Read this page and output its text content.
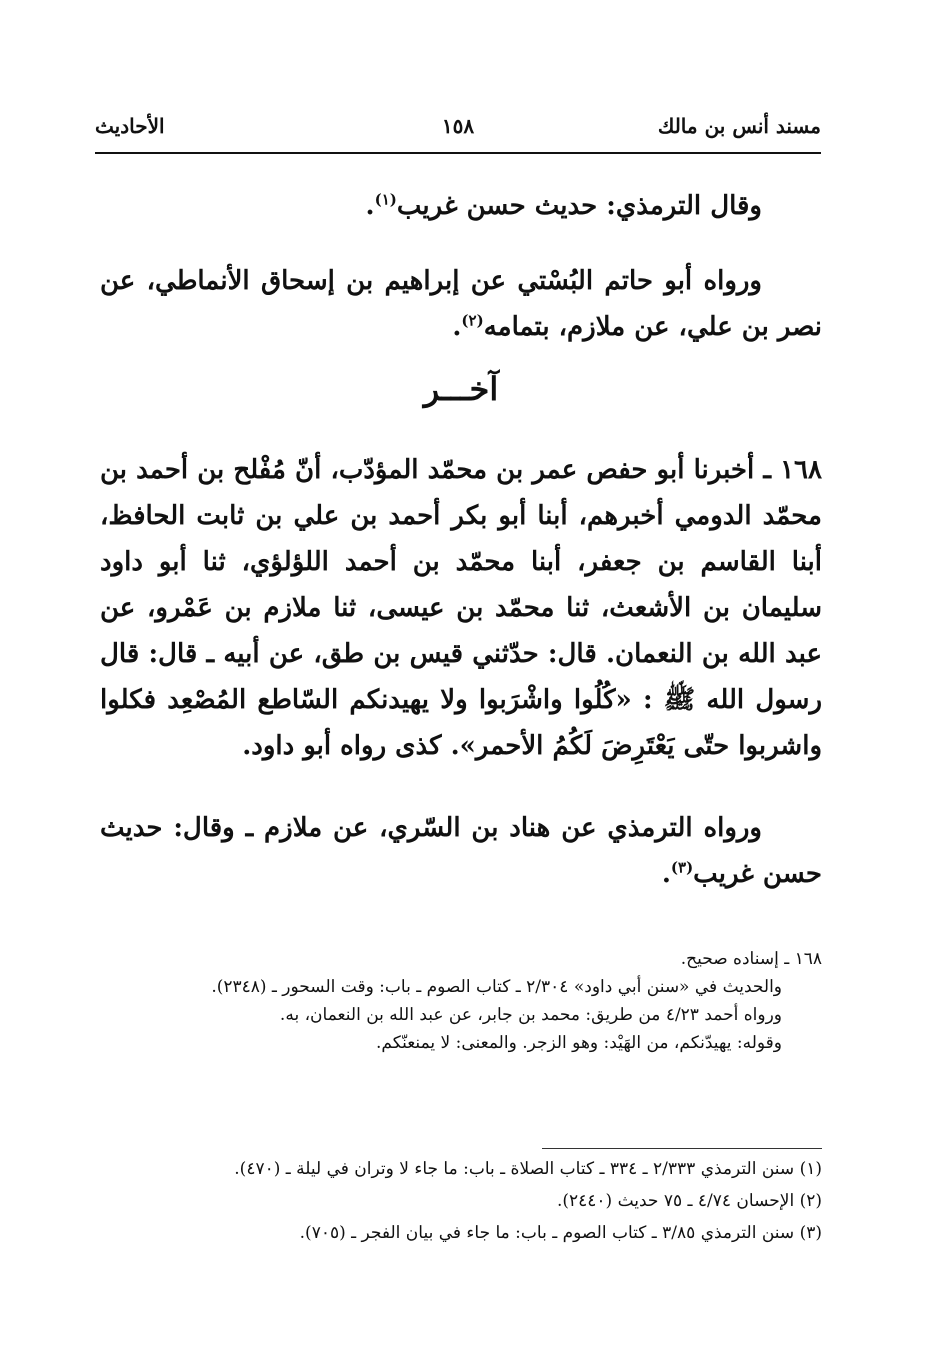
مسند أنس بن مالك
١٥٨
الأحاديث
وقال الترمذي: حديث حسن غريب$^{(١)}$.
ورواه أبو حاتم البُسْتي عن إبراهيم بن إسحاق الأنماطي، عن نصر بن علي، عن ملازم، بتمامه$^{(٢)}$.
آخـــر
١٦٨ ـ أخبرنا أبو حفص عمر بن محمّد المؤدّب، أنّ مُفْلح بن أحمد بن محمّد الدومي أخبرهم، أبنا أبو بكر أحمد بن علي بن ثابت الحافظ، أبنا القاسم بن جعفر، أبنا محمّد بن أحمد اللؤلؤي، ثنا أبو داود سليمان بن الأشعث، ثنا محمّد بن عيسى، ثنا ملازم بن عَمْرو، عن عبد الله بن النعمان. قال: حدّثني قيس بن طق، عن أبيه ـ قال: قال رسول الله ﷺ : «كُلُوا واشْرَبوا ولا يهيدنكم السّاطع المُصْعِد فكلوا واشربوا حتّى يَعْتَرِضَ لَكُمُ الأحمر». كذى رواه أبو داود.
ورواه الترمذي عن هناد بن السّري، عن ملازم ـ وقال: حديث حسن غريب$^{(٣)}$.
١٦٨ ـ إسناده صحيح.
والحديث في «سنن أبي داود» ٢/٣٠٤ ـ كتاب الصوم ـ باب: وقت السحور ـ (٢٣٤٨).
ورواه أحمد ٤/٢٣ من طريق: محمد بن جابر، عن عبد الله بن النعمان، به.
وقوله: يهيدّنكم، من الهَيْد: وهو الزجر. والمعنى: لا يمنعنّكم.
(١) سنن الترمذي ٢/٣٣٣ ـ ٣٣٤ ـ كتاب الصلاة ـ باب: ما جاء لا وتران في ليلة ـ (٤٧٠).
(٢) الإحسان ٤/٧٤ ـ ٧٥ حديث (٢٤٤٠).
(٣) سنن الترمذي ٣/٨٥ ـ كتاب الصوم ـ باب: ما جاء في بيان الفجر ـ (٧٠٥).
